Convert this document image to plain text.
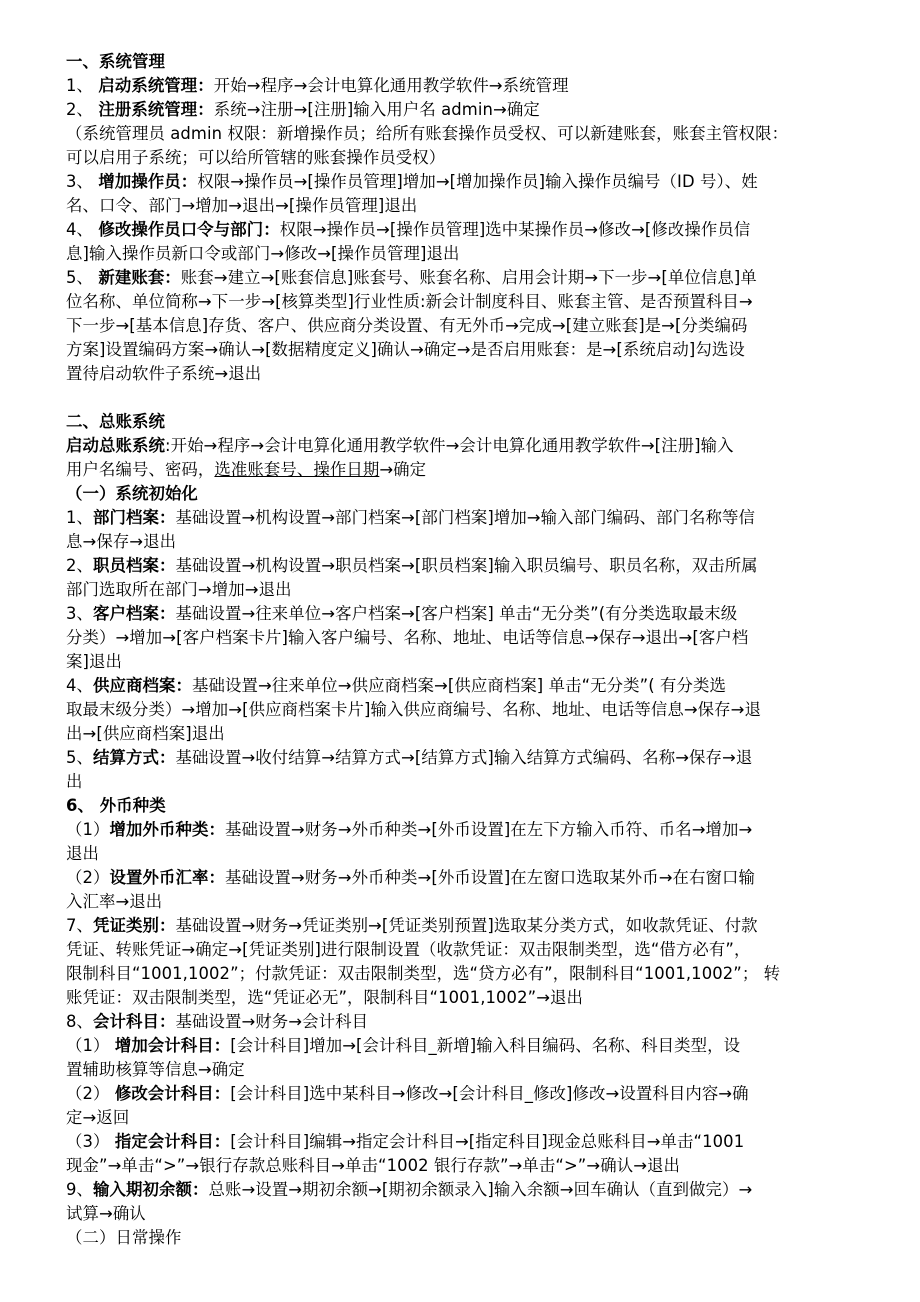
一、系统管理
1、 启动系统管理：开始→程序→会计电算化通用教学软件→系统管理
2、 注册系统管理：系统→注册→[注册]输入用户名 admin→确定
（系统管理员 admin 权限：新增操作员；给所有账套操作员受权、可以新建账套，账套主管权限：
可以启用子系统；可以给所管辖的账套操作员受权）
3、 增加操作员：权限→操作员→[操作员管理]增加→[增加操作员]输入操作员编号（ID 号）、姓
名、口令、部门→增加→退出→[操作员管理]退出
4、 修改操作员口令与部门：权限→操作员→[操作员管理]选中某操作员→修改→[修改操作员信
息]输入操作员新口令或部门→修改→[操作员管理]退出
5、 新建账套：账套→建立→[账套信息]账套号、账套名称、启用会计期→下一步→[单位信息]单
位名称、单位简称→下一步→[核算类型]行业性质:新会计制度科目、账套主管、是否预置科目→
下一步→[基本信息]存货、客户、供应商分类设置、有无外币→完成→[建立账套]是→[分类编码
方案]设置编码方案→确认→[数据精度定义]确认→确定→是否启用账套：是→[系统启动]勾选设
置待启动软件子系统→退出
二、总账系统
启动总账系统:开始→程序→会计电算化通用教学软件→会计电算化通用教学软件→[注册]输入
用户名编号、密码，选准账套号、操作日期→确定
（一）系统初始化
1、部门档案：基础设置→机构设置→部门档案→[部门档案]增加→输入部门编码、部门名称等信
息→保存→退出
2、职员档案：基础设置→机构设置→职员档案→[职员档案]输入职员编号、职员名称，双击所属
部门选取所在部门→增加→退出
3、客户档案：基础设置→往来单位→客户档案→[客户档案] 单击“无分类”(有分类选取最末级
分类）→增加→[客户档案卡片]输入客户编号、名称、地址、电话等信息→保存→退出→[客户档
案]退出
4、供应商档案：基础设置→往来单位→供应商档案→[供应商档案] 单击“无分类”( 有分类选
取最末级分类）→增加→[供应商档案卡片]输入供应商编号、名称、地址、电话等信息→保存→退
出→[供应商档案]退出
5、结算方式：基础设置→收付结算→结算方式→[结算方式]输入结算方式编码、名称→保存→退
出
6、 外币种类
（1）增加外币种类：基础设置→财务→外币种类→[外币设置]在左下方输入币符、币名→增加→
退出
（2）设置外币汇率：基础设置→财务→外币种类→[外币设置]在左窗口选取某外币→在右窗口输
入汇率→退出
7、凭证类别：基础设置→财务→凭证类别→[凭证类别预置]选取某分类方式，如收款凭证、付款
凭证、转账凭证→确定→[凭证类别]进行限制设置（收款凭证：双击限制类型，选“借方必有”，
限制科目“1001,1002”；付款凭证：双击限制类型，选“贷方必有”，限制科目“1001,1002”； 转
账凭证：双击限制类型，选“凭证必无”，限制科目“1001,1002”→退出
8、会计科目：基础设置→财务→会计科目
（1） 增加会计科目：[会计科目]增加→[会计科目_新增]输入科目编码、名称、科目类型，设
置辅助核算等信息→确定
（2） 修改会计科目：[会计科目]选中某科目→修改→[会计科目_修改]修改→设置科目内容→确
定→返回
（3） 指定会计科目：[会计科目]编辑→指定会计科目→[指定科目]现金总账科目→单击“1001
现金”→单击“>”→银行存款总账科目→单击“1002 银行存款”→单击“>”→确认→退出
9、输入期初余额：总账→设置→期初余额→[期初余额录入]输入余额→回车确认（直到做完）→
试算→确认
（二）日常操作
